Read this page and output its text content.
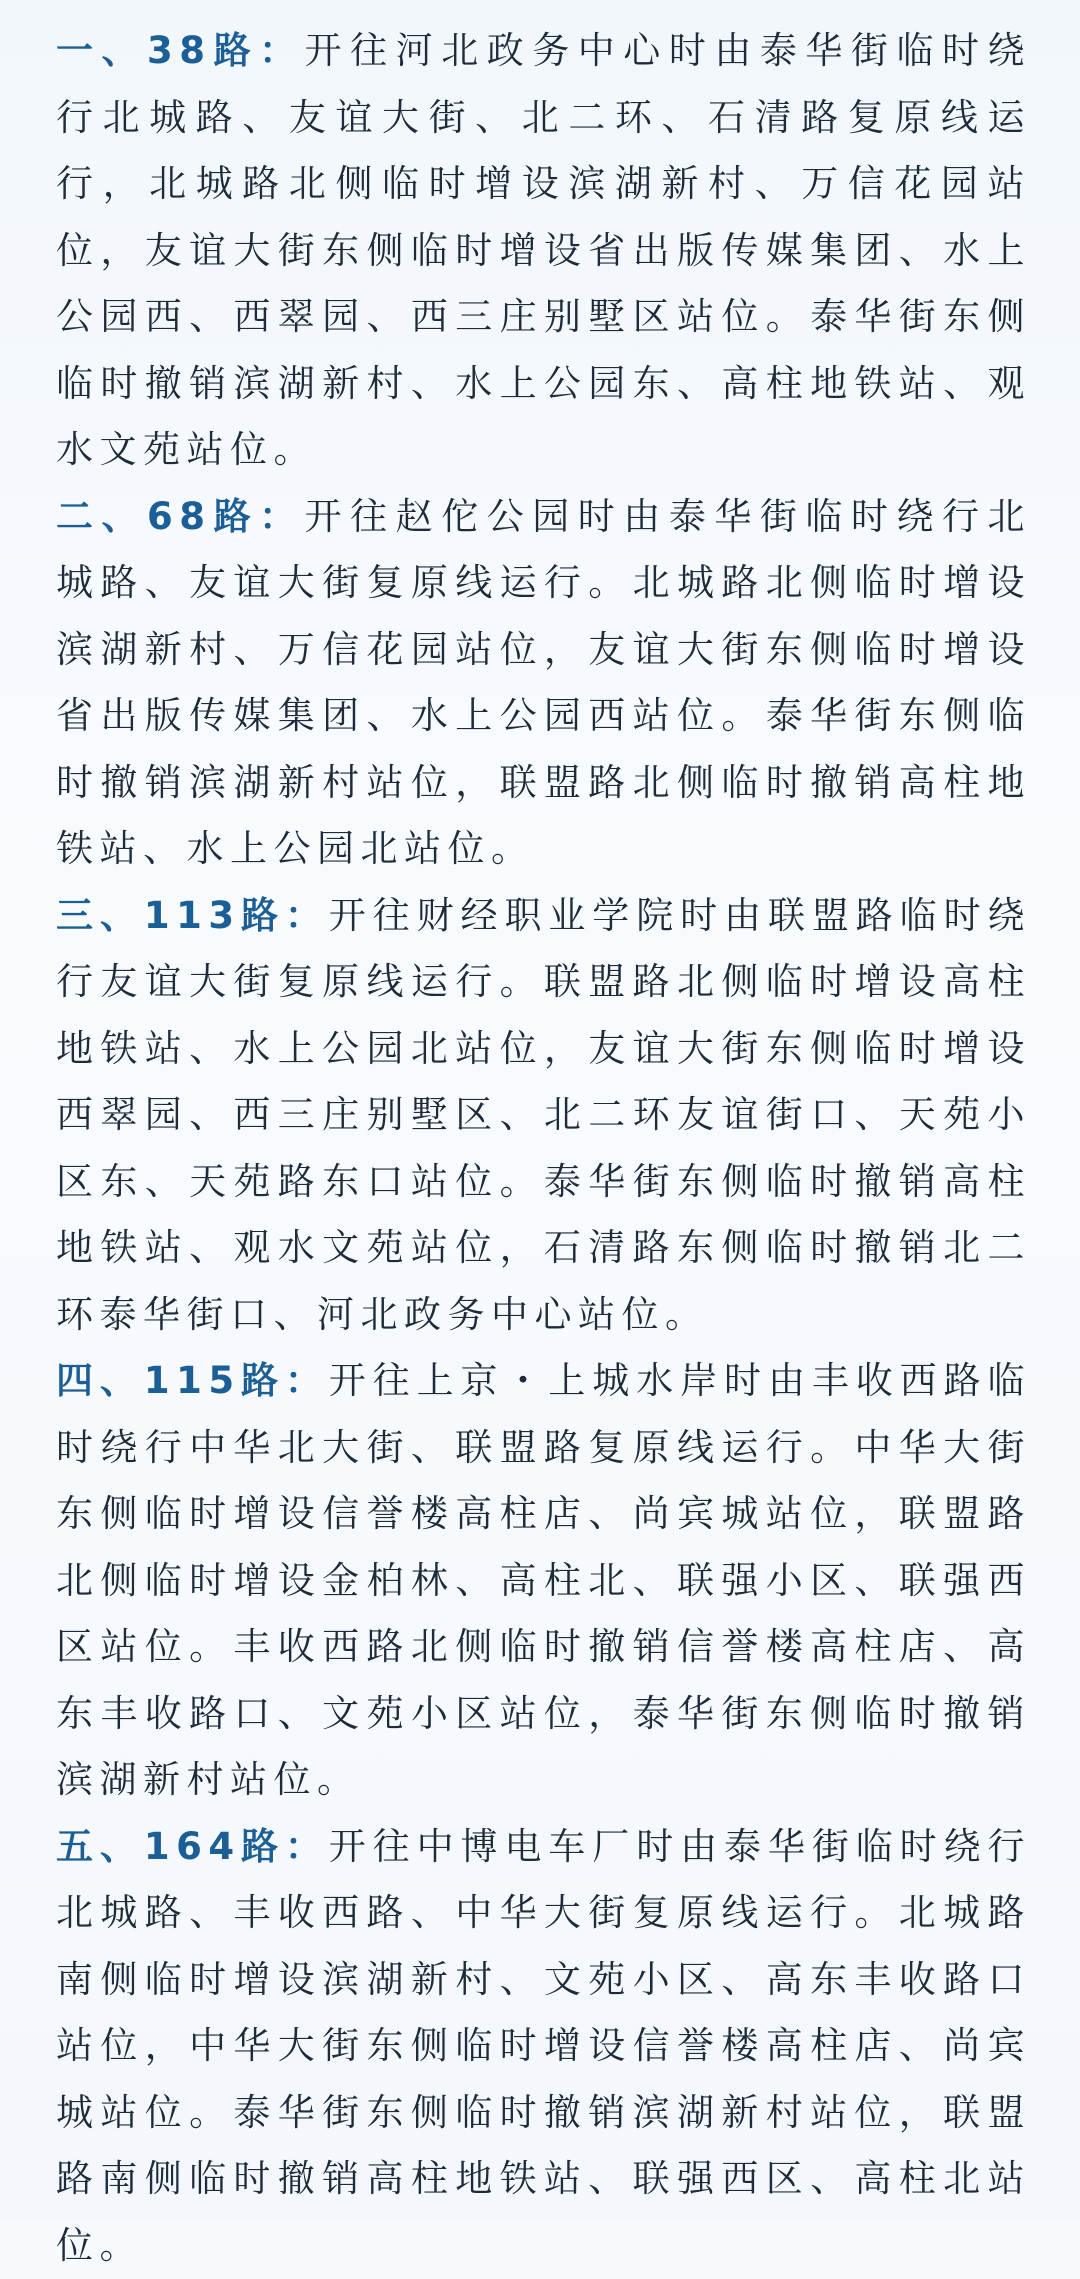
一、38路：开往河北政务中心时由泰华街临时绕行北城路、友谊大街、北二环、石清路复原线运行，北城路北侧临时增设滨湖新村、万信花园站位，友谊大街东侧临时增设省出版传媒集团、水上公园西、西翠园、西三庄别墅区站位。泰华街东侧临时撤销滨湖新村、水上公园东、高柱地铁站、观水文苑站位。

二、68路：开往赵佗公园时由泰华街临时绕行北城路、友谊大街复原线运行。北城路北侧临时增设滨湖新村、万信花园站位，友谊大街东侧临时增设省出版传媒集团、水上公园西站位。泰华街东侧临时撤销滨湖新村站位，联盟路北侧临时撤销高柱地铁站、水上公园北站位。

三、113路：开往财经职业学院时由联盟路临时绕行友谊大街复原线运行。联盟路北侧临时增设高柱地铁站、水上公园北站位，友谊大街东侧临时增设西翠园、西三庄别墅区、北二环友谊街口、天苑小区东、天苑路东口站位。泰华街东侧临时撤销高柱地铁站、观水文苑站位，石清路东侧临时撤销北二环泰华街口、河北政务中心站位。

四、115路：开往上京・上城水岸时由丰收西路临时绕行中华北大街、联盟路复原线运行。中华大街东侧临时增设信誉楼高柱店、尚宾城站位，联盟路北侧临时增设金柏林、高柱北、联强小区、联强西区站位。丰收西路北侧临时撤销信誉楼高柱店、高东丰收路口、文苑小区站位，泰华街东侧临时撤销滨湖新村站位。

五、164路：开往中博电车厂时由泰华街临时绕行北城路、丰收西路、中华大街复原线运行。北城路南侧临时增设滨湖新村、文苑小区、高东丰收路口站位，中华大街东侧临时增设信誉楼高柱店、尚宾城站位。泰华街东侧临时撤销滨湖新村站位，联盟路南侧临时撤销高柱地铁站、联强西区、高柱北站位。
